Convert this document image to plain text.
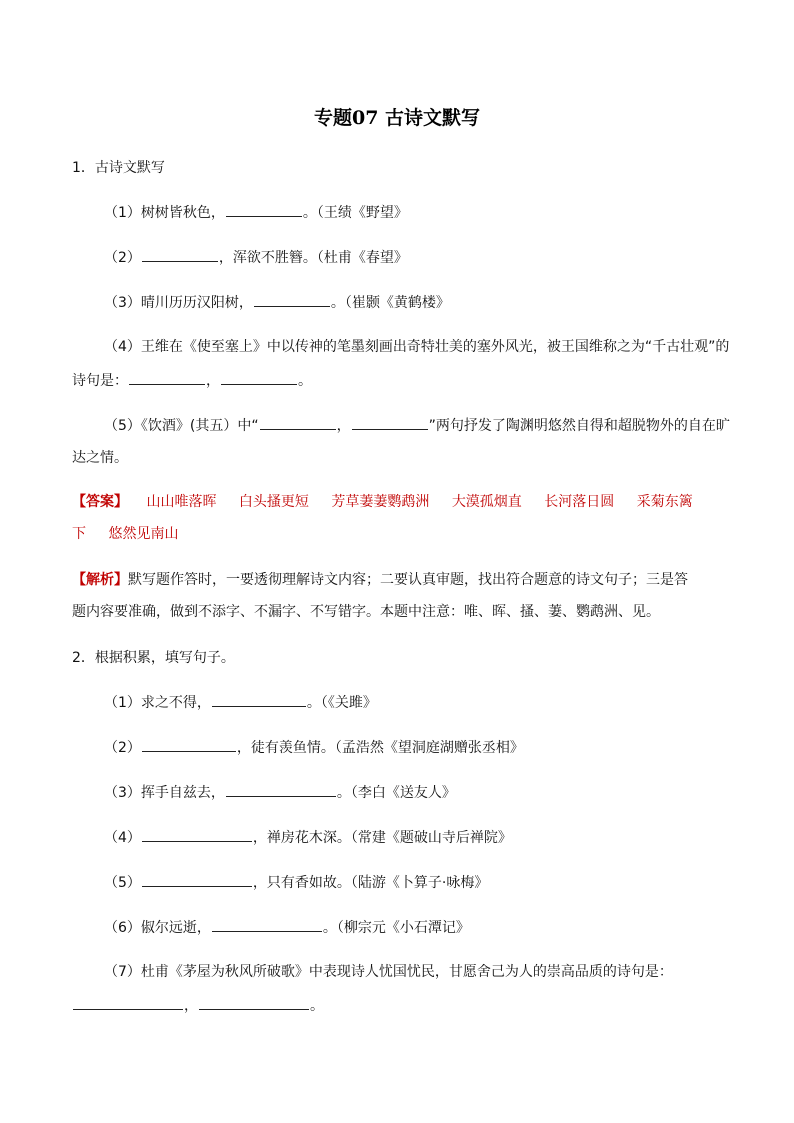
专题07 古诗文默写
1．古诗文默写
（1）树树皆秋色，	。（王绩《野望》
（2）	，浑欲不胜簪。（杜甫《春望》
（3）晴川历历汉阳树，	。（崔颢《黄鹤楼》
（4）王维在《使至塞上》中以传神的笔墨刻画出奇特壮美的塞外风光，被王国维称之为“千古壮观”的
诗句是：	，	。
（5）《饮酒》(其五）中“	，	”两句抒发了陶渊明悠然自得和超脱物外的自在旷
达之情。
【答案】 山山唯落晖 白头搔更短 芳草萋萋鹦鹉洲 大漠孤烟直 长河落日圆 采菊东篱
下 悠然见南山
【解析】默写题作答时，一要透彻理解诗文内容；二要认真审题，找出符合题意的诗文句子；三是答
题内容要准确，做到不添字、不漏字、不写错字。本题中注意：唯、晖、搔、萋、鹦鹉洲、见。
2．根据积累，填写句子。
（1）求之不得，	。（《关雎》
（2）	，徒有羡鱼情。（孟浩然《望洞庭湖赠张丞相》
（3）挥手自兹去，	。（李白《送友人》
（4）	，禅房花木深。（常建《题破山寺后禅院》
（5）	，只有香如故。（陆游《卜算子·咏梅》
（6）俶尔远逝，	。（柳宗元《小石潭记》
（7）杜甫《茅屋为秋风所破歌》中表现诗人忧国忧民，甘愿舍己为人的崇高品质的诗句是：
，	。
